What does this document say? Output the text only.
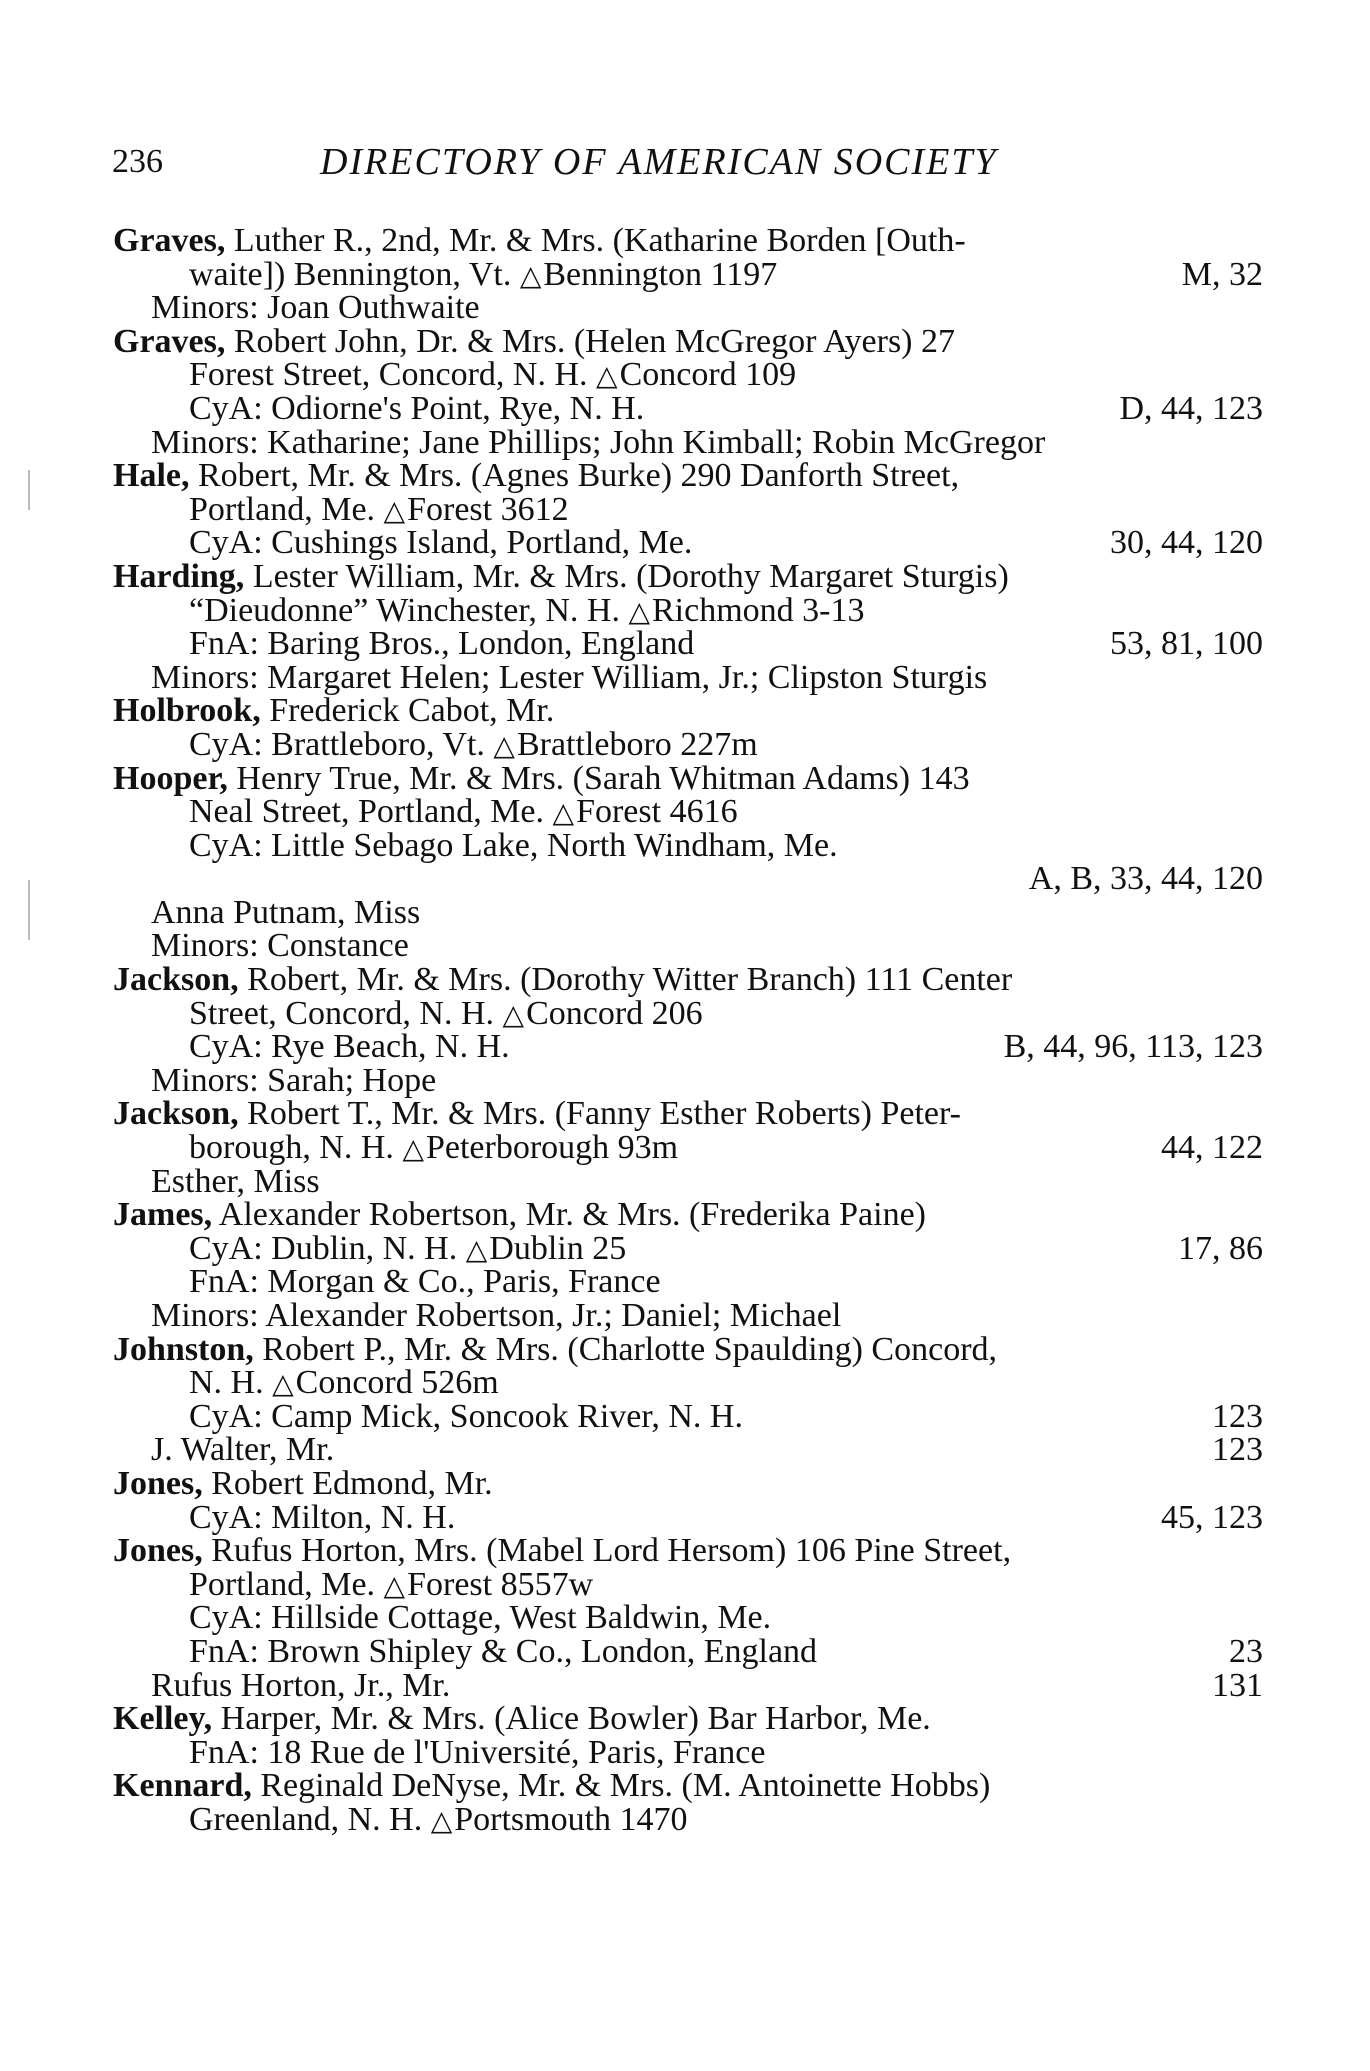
236	DIRECTORY OF AMERICAN SOCIETY
Graves, Luther R., 2nd, Mr. & Mrs. (Katharine Borden [Outh-
waite]) Bennington, Vt. △Bennington 1197	M, 32
Minors: Joan Outhwaite
Graves, Robert John, Dr. & Mrs. (Helen McGregor Ayers) 27
Forest Street, Concord, N. H. △Concord 109
CyA: Odiorne's Point, Rye, N. H.	D, 44, 123
Minors: Katharine; Jane Phillips; John Kimball; Robin McGregor
Hale, Robert, Mr. & Mrs. (Agnes Burke) 290 Danforth Street,
Portland, Me. △Forest 3612
CyA: Cushings Island, Portland, Me.	30, 44, 120
Harding, Lester William, Mr. & Mrs. (Dorothy Margaret Sturgis)
“Dieudonne” Winchester, N. H. △Richmond 3-13
FnA: Baring Bros., London, England	53, 81, 100
Minors: Margaret Helen; Lester William, Jr.; Clipston Sturgis
Holbrook, Frederick Cabot, Mr.
CyA: Brattleboro, Vt. △Brattleboro 227m
Hooper, Henry True, Mr. & Mrs. (Sarah Whitman Adams) 143
Neal Street, Portland, Me. △Forest 4616
CyA: Little Sebago Lake, North Windham, Me.
A, B, 33, 44, 120
Anna Putnam, Miss
Minors: Constance
Jackson, Robert, Mr. & Mrs. (Dorothy Witter Branch) 111 Center
Street, Concord, N. H. △Concord 206
CyA: Rye Beach, N. H.	B, 44, 96, 113, 123
Minors: Sarah; Hope
Jackson, Robert T., Mr. & Mrs. (Fanny Esther Roberts) Peter-
borough, N. H. △Peterborough 93m	44, 122
Esther, Miss
James, Alexander Robertson, Mr. & Mrs. (Frederika Paine)
CyA: Dublin, N. H. △Dublin 25	17, 86
FnA: Morgan & Co., Paris, France
Minors: Alexander Robertson, Jr.; Daniel; Michael
Johnston, Robert P., Mr. & Mrs. (Charlotte Spaulding) Concord,
N. H. △Concord 526m
CyA: Camp Mick, Soncook River, N. H.	123
J. Walter, Mr.	123
Jones, Robert Edmond, Mr.
CyA: Milton, N. H.	45, 123
Jones, Rufus Horton, Mrs. (Mabel Lord Hersom) 106 Pine Street,
Portland, Me. △Forest 8557w
CyA: Hillside Cottage, West Baldwin, Me.
FnA: Brown Shipley & Co., London, England	23
Rufus Horton, Jr., Mr.	131
Kelley, Harper, Mr. & Mrs. (Alice Bowler) Bar Harbor, Me.
FnA: 18 Rue de l'Université, Paris, France
Kennard, Reginald DeNyse, Mr. & Mrs. (M. Antoinette Hobbs)
Greenland, N. H. △Portsmouth 1470
